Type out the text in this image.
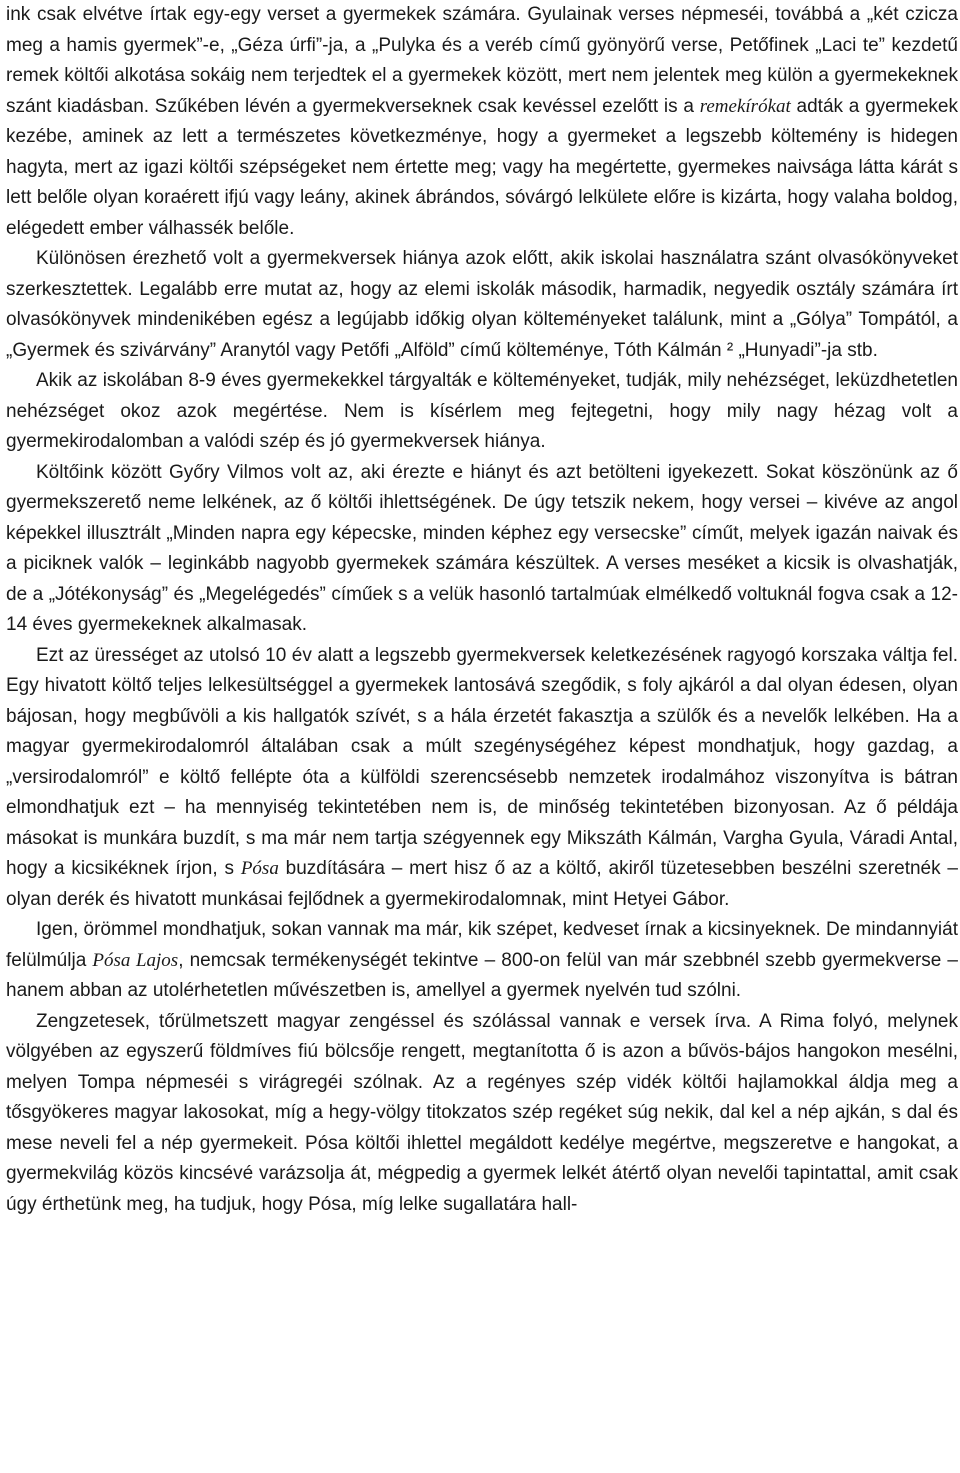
ink csak elvétve írtak egy-egy verset a gyermekek számára. Gyulainak verses népmeséi, továbbá a „két czicza meg a hamis gyermek”-e, „Géza úrfi”-ja, a „Pulyka és a veréb című gyönyörű verse, Petőfinek „Laci te” kezdetű remek költői alkotása sokáig nem terjedtek el a gyermekek között, mert nem jelentek meg külön a gyermekeknek szánt kiadásban. Szűkében lévén a gyermekverseknek csak kevéssel ezelőtt is a remekírókat adták a gyermekek kezébe, aminek az lett a természetes következménye, hogy a gyermeket a legszebb költemény is hidegen hagyta, mert az igazi költői szépségeket nem értette meg; vagy ha megértette, gyermekes naivsága látta kárát s lett belőle olyan koraérett ifjú vagy leány, akinek ábrándos, sóvárgó lelkülete előre is kizárta, hogy valaha boldog, elégedett ember válhassék belőle.

Különösen érezhető volt a gyermekversek hiánya azok előtt, akik iskolai használatra szánt olvasókönyveket szerkesztettek. Legalább erre mutat az, hogy az elemi iskolák második, harmadik, negyedik osztály számára írt olvasókönyvek mindenikében egész a legújabb időkig olyan költeményeket találunk, mint a „Gólya” Tompától, a „Gyermek és szivárvány” Aranytól vagy Petőfi „Alföld” című költeménye, Tóth Kálmán ² „Hunyadi”-ja stb.

Akik az iskolában 8-9 éves gyermekekkel tárgyalták e költeményeket, tudják, mily nehézséget, leküzdhetetlen nehézséget okoz azok megértése. Nem is kísérlem meg fejtegetni, hogy mily nagy hézag volt a gyermekirodalomban a valódi szép és jó gyermekversek hiánya.

Költőink között Győry Vilmos volt az, aki érezte e hiányt és azt betölteni igyekezett. Sokat köszönünk az ő gyermekszerető neme lelkének, az ő költői ihlettségének. De úgy tetszik nekem, hogy versei – kivéve az angol képekkel illusztrált „Minden napra egy képecske, minden képhez egy versecske” címűt, melyek igazán naivak és a piciknek valók – leginkább nagyobb gyermekek számára készültek. A verses meséket a kicsik is olvashatják, de a „Jótékonyság” és „Megelégedés” címűek s a velük hasonló tartalmúak elmélkedő voltuknál fogva csak a 12-14 éves gyermekeknek alkalmasak.

Ezt az ürességet az utolsó 10 év alatt a legszebb gyermekversek keletkezésének ragyogó korszaka váltja fel. Egy hivatott költő teljes lelkesültséggel a gyermekek lantosává szegődik, s foly ajkáról a dal olyan édesen, olyan bájosan, hogy megbűvöli a kis hallgatók szívét, s a hála érzetét fakasztja a szülők és a nevelők lelkében. Ha a magyar gyermekirodalomról általában csak a múlt szegénységéhez képest mondhatjuk, hogy gazdag, a „versirodalomról” e költő fellépte óta a külföldi szerencsésebb nemzetek irodalmához viszonyítva is bátran elmondhatjuk ezt – ha mennyiség tekintetében nem is, de minőség tekintetében bizonyosan. Az ő példája másokat is munkára buzdít, s ma már nem tartja szégyennek egy Mikszáth Kálmán, Vargha Gyula, Váradi Antal, hogy a kicsikéknek írjon, s Pósa buzdítására – mert hisz ő az a költő, akiről tüzetesebben beszélni szeretnék – olyan derék és hivatott munkásai fejlődnek a gyermekirodalomnak, mint Hetyei Gábor.

Igen, örömmel mondhatjuk, sokan vannak ma már, kik szépet, kedveset írnak a kicsinyeknek. De mindannyiát felülmúlja Pósa Lajos, nemcsak termékenységét tekintve – 800-on felül van már szebbnél szebb gyermekverse – hanem abban az utolérhetetlen művészetben is, amellyel a gyermek nyelvén tud szólni.

Zengzetesek, tőrülmetszett magyar zengéssel és szólással vannak e versek írva. A Rima folyó, melynek völgyében az egyszerű földmíves fiú bölcsője rengett, megtanította ő is azon a bűvös-bájos hangokon mesélni, melyen Tompa népmeséi s virágregéi szólnak. Az a regényes szép vidék költői hajlamokkal áldja meg a tősgyökeres magyar lakosokat, míg a hegy-völgy titokzatos szép regéket súg nekik, dal kel a nép ajkán, s dal és mese neveli fel a nép gyermekeit. Pósa költői ihlettel megáldott kedélye megértve, megszeretve e hangokat, a gyermekvilág közös kincsévé varázsolja át, mégpedig a gyermek lelkét átértő olyan nevelői tapintattal, amit csak úgy érthetünk meg, ha tudjuk, hogy Pósa, míg lelke sugallatára hall-
